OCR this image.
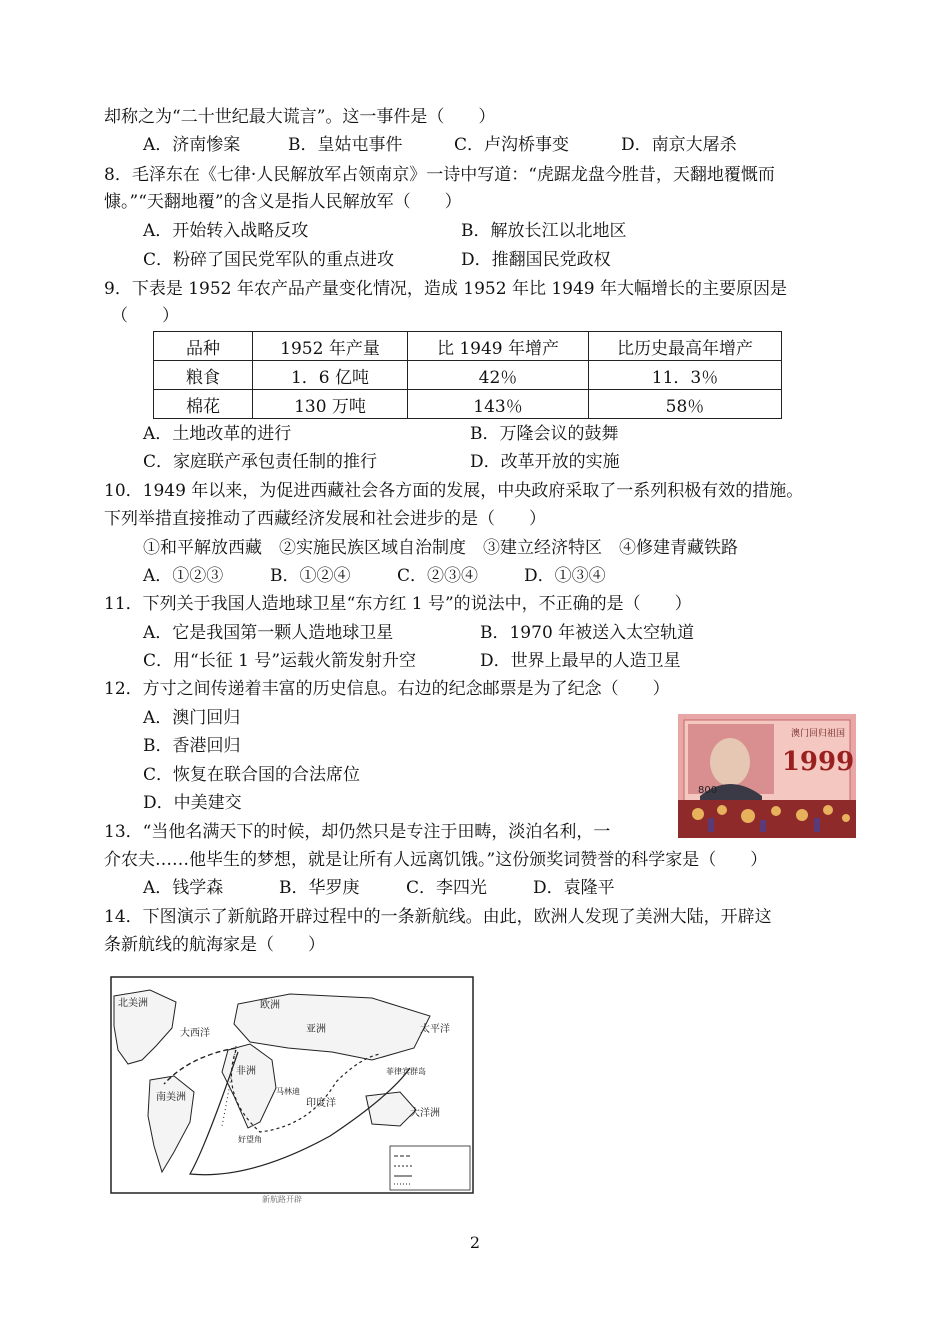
却称之为“二十世纪最大谎言”。这一事件是（　　）
A．济南惨案	B．皇姑屯事件	C．卢沟桥事变	D．南京大屠杀
8．毛泽东在《七律·人民解放军占领南京》一诗中写道：“虎踞龙盘今胜昔，天翻地覆慨而
慷。”“天翻地覆”的含义是指人民解放军（　　）
A．开始转入战略反攻	B．解放长江以北地区
C．粉碎了国民党军队的重点进攻	D．推翻国民党政权
9．下表是 1952 年农产品产量变化情况，造成 1952 年比 1949 年大幅增长的主要原因是
（　　）
品种	1952 年产量	比 1949 年增产	比历史最高年增产
粮食	1．6 亿吨	42％	11．3％
棉花	130 万吨	143％	58％
A．土地改革的进行	B．万隆会议的鼓舞
C．家庭联产承包责任制的推行	D．改革开放的实施
10．1949 年以来，为促进西藏社会各方面的发展，中央政府采取了一系列积极有效的措施。
下列举措直接推动了西藏经济发展和社会进步的是（　　）
①和平解放西藏　②实施民族区域自治制度　③建立经济特区　④修建青藏铁路
A．①②③	B．①②④	C．②③④	D．①③④
11．下列关于我国人造地球卫星“东方红 1 号”的说法中，不正确的是（　　）
A．它是我国第一颗人造地球卫星	B．1970 年被送入太空轨道
C．用“长征 1 号”运载火箭发射升空	D．世界上最早的人造卫星
12．方寸之间传递着丰富的历史信息。右边的纪念邮票是为了纪念（　　）
A．澳门回归
B．香港回归
C．恢复在联合国的合法席位
D．中美建交
800
澳门回归祖国
1999
13．“当他名满天下的时候，却仍然只是专注于田畴，淡泊名利，一
介农夫……他毕生的梦想，就是让所有人远离饥饿。”这份颁奖词赞誉的科学家是（　　）
A．钱学森	B．华罗庚	C．李四光	D．袁隆平
14．下图演示了新航路开辟过程中的一条新航线。由此，欧洲人发现了美洲大陆，开辟这
条新航线的航海家是（　　）
北美洲
大西洋
欧洲
亚洲
非洲
南美洲
印度洋
太平洋
大洋洲
菲律宾群岛
好望角
马林迪
新航路开辟
2
